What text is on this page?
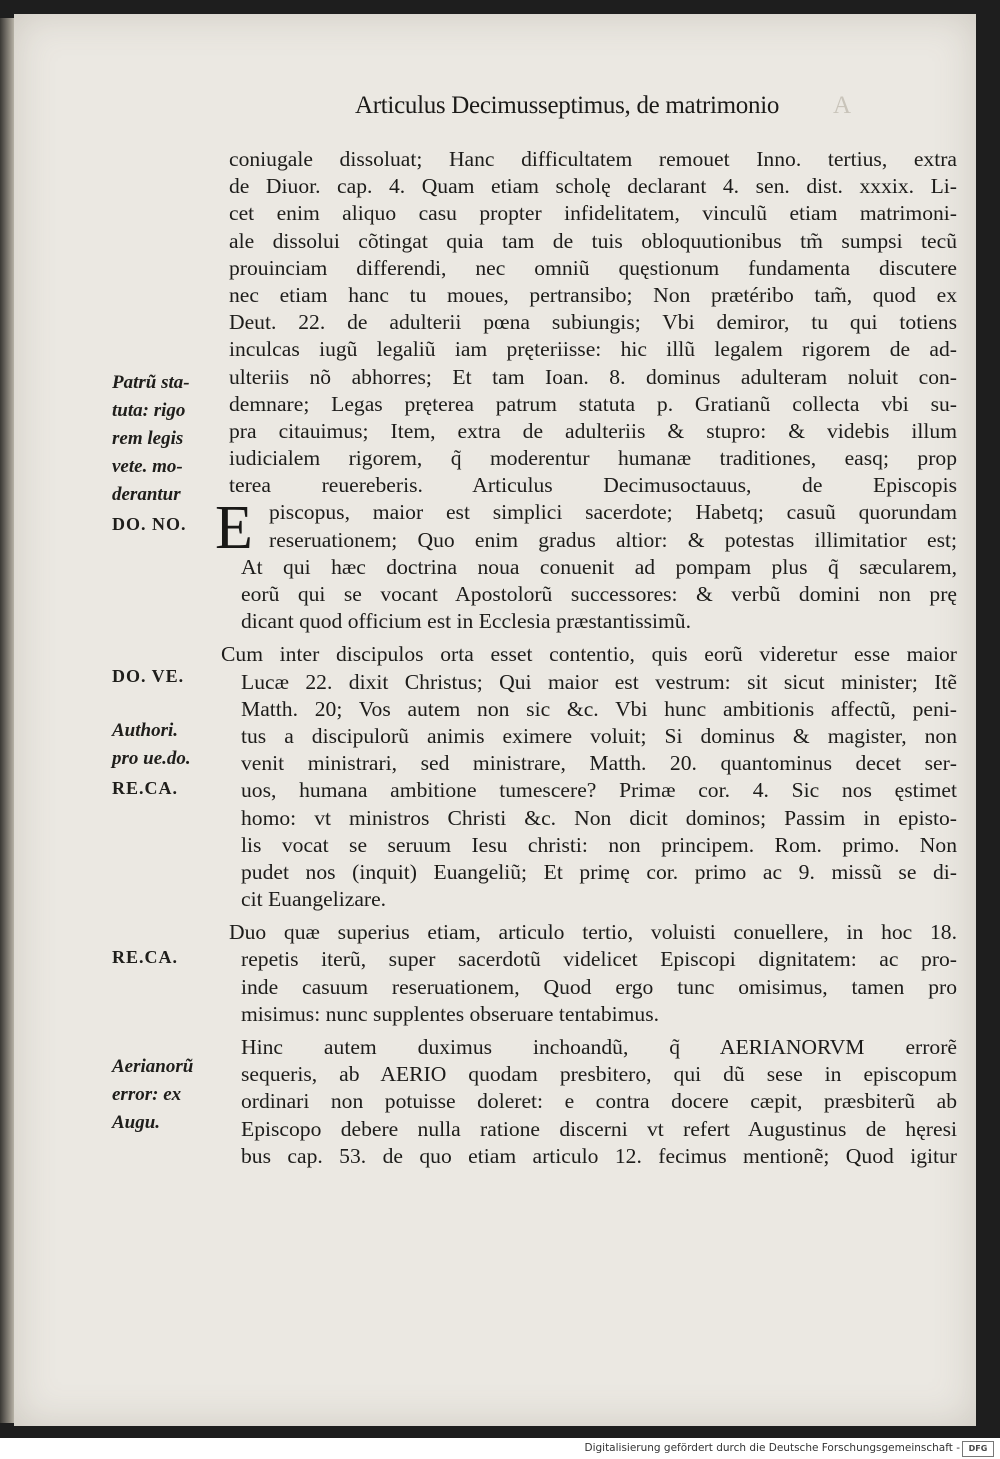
Articulus Decimusseptimus, de matrimonio	A
coniugale dissoluat; Hanc difficultatem remouet Inno. tertius, extra
de Diuor. cap. 4. Quam etiam scholę declarant 4. sen. dist. xxxix. Li‑
cet enim aliquo casu propter infidelitatem, vinculũ etiam matrimoni‑
ale dissolui cõtingat quia tam de tuis obloquutionibus tm̃ sumpsi tecũ
prouinciam differendi, nec omniũ quęstionum fundamenta discutere
nec etiam hanc tu moues, pertransibo; Non prætéribo tam̃, quod ex
Deut. 22. de adulterii pœna subiungis; Vbi demiror, tu qui totiens
inculcas iugũ legaliũ iam pręteriisse: hic illũ legalem rigorem de ad‑
ulteriis nõ abhorres; Et tam Ioan. 8. dominus adulteram noluit con‑
demnare; Legas pręterea patrum statuta p. Gratianũ collecta vbi su‑
pra citauimus; Item, extra de adulteriis & stupro: & videbis illum
iudicialem rigorem, q̃ moderentur humanæ traditiones, easq; prop
terea reuereberis. Articulus Decimusoctauus, de Episcopis
E piscopus, maior est simplici sacerdote; Habetq; casuũ quorundam
reseruationem; Quo enim gradus altior: & potestas illimitatior est;
At qui hæc doctrina noua conuenit ad pompam plus q̃ sæcularem,
eorũ qui se vocant Apostolorũ successores: & verbũ domini non prę
dicant quod officium est in Ecclesia præstantissimũ.
Cum inter discipulos orta esset contentio, quis eorũ videretur esse maior
Lucæ 22. dixit Christus; Qui maior est vestrum: sit sicut minister; Itẽ
Matth. 20; Vos autem non sic &c. Vbi hunc ambitionis affectũ, peni‑
tus a discipulorũ animis eximere voluit; Si dominus & magister, non
venit ministrari, sed ministrare, Matth. 20. quantominus decet ser‑
uos, humana ambitione tumescere? Primæ cor. 4. Sic nos ęstimet
homo: vt ministros Christi &c. Non dicit dominos; Passim in episto‑
lis vocat se seruum Iesu christi: non principem. Rom. primo. Non
pudet nos (inquit) Euangeliũ; Et primę cor. primo ac 9. missũ se di‑
cit Euangelizare.
Duo quæ superius etiam, articulo tertio, voluisti conuellere, in hoc 18.
repetis iterũ, super sacerdotũ videlicet Episcopi dignitatem: ac pro‑
inde casuum reseruationem, Quod ergo tunc omisimus, tamen pro
misimus: nunc supplentes obseruare tentabimus.
Hinc autem duximus inchoandũ, q̃ AERIANORVM errorẽ
sequeris, ab AERIO quodam presbitero, qui dũ sese in episcopum
ordinari non potuisse doleret: e contra docere cæpit, præsbiterũ ab
Episcopo debere nulla ratione discerni vt refert Augustinus de hęresi
bus cap. 53. de quo etiam articulo 12. fecimus mentionẽ; Quod igitur
Patrũ sta‑
tuta: rigo
rem legis
vete. mo‑
derantur
DO. NO.
DO. VE.
Authori.
pro ue.do.
RE.CA.
RE.CA.
Aerianorũ
error: ex
Augu.
Digitalisierung gefördert durch die Deutsche Forschungsgemeinschaft -	DFG
